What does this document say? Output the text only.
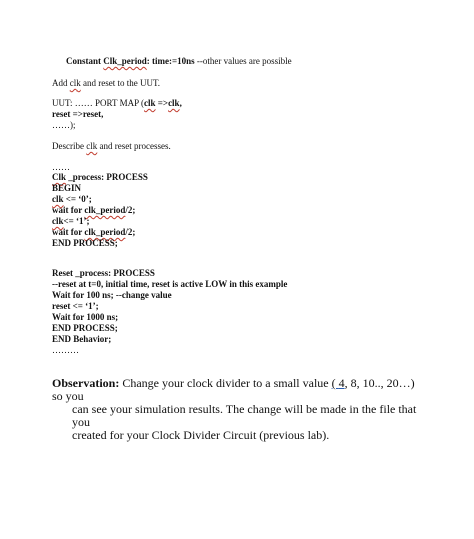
Constant Clk_period: time:=10ns --other values are possible
Add clk and reset to the UUT.
UUT: …… PORT MAP (clk =>clk,
reset =>reset,
……);
Describe clk and reset processes.
……
Clk _process: PROCESS
BEGIN
clk <= ‘0’;
wait for clk_period/2;
clk<= ‘1’;
wait for clk_period/2;
END PROCESS;
Reset _process: PROCESS
--reset at t=0, initial time, reset is active LOW in this example
Wait for 100 ns; --change value
reset <= ‘1’;
Wait for 1000 ns;
END PROCESS;
END Behavior;
………
Observation: Change your clock divider to a small value ( 4, 8, 10.., 20…) so you
can see your simulation results. The change will be made in the file that you
created for your Clock Divider Circuit (previous lab).
